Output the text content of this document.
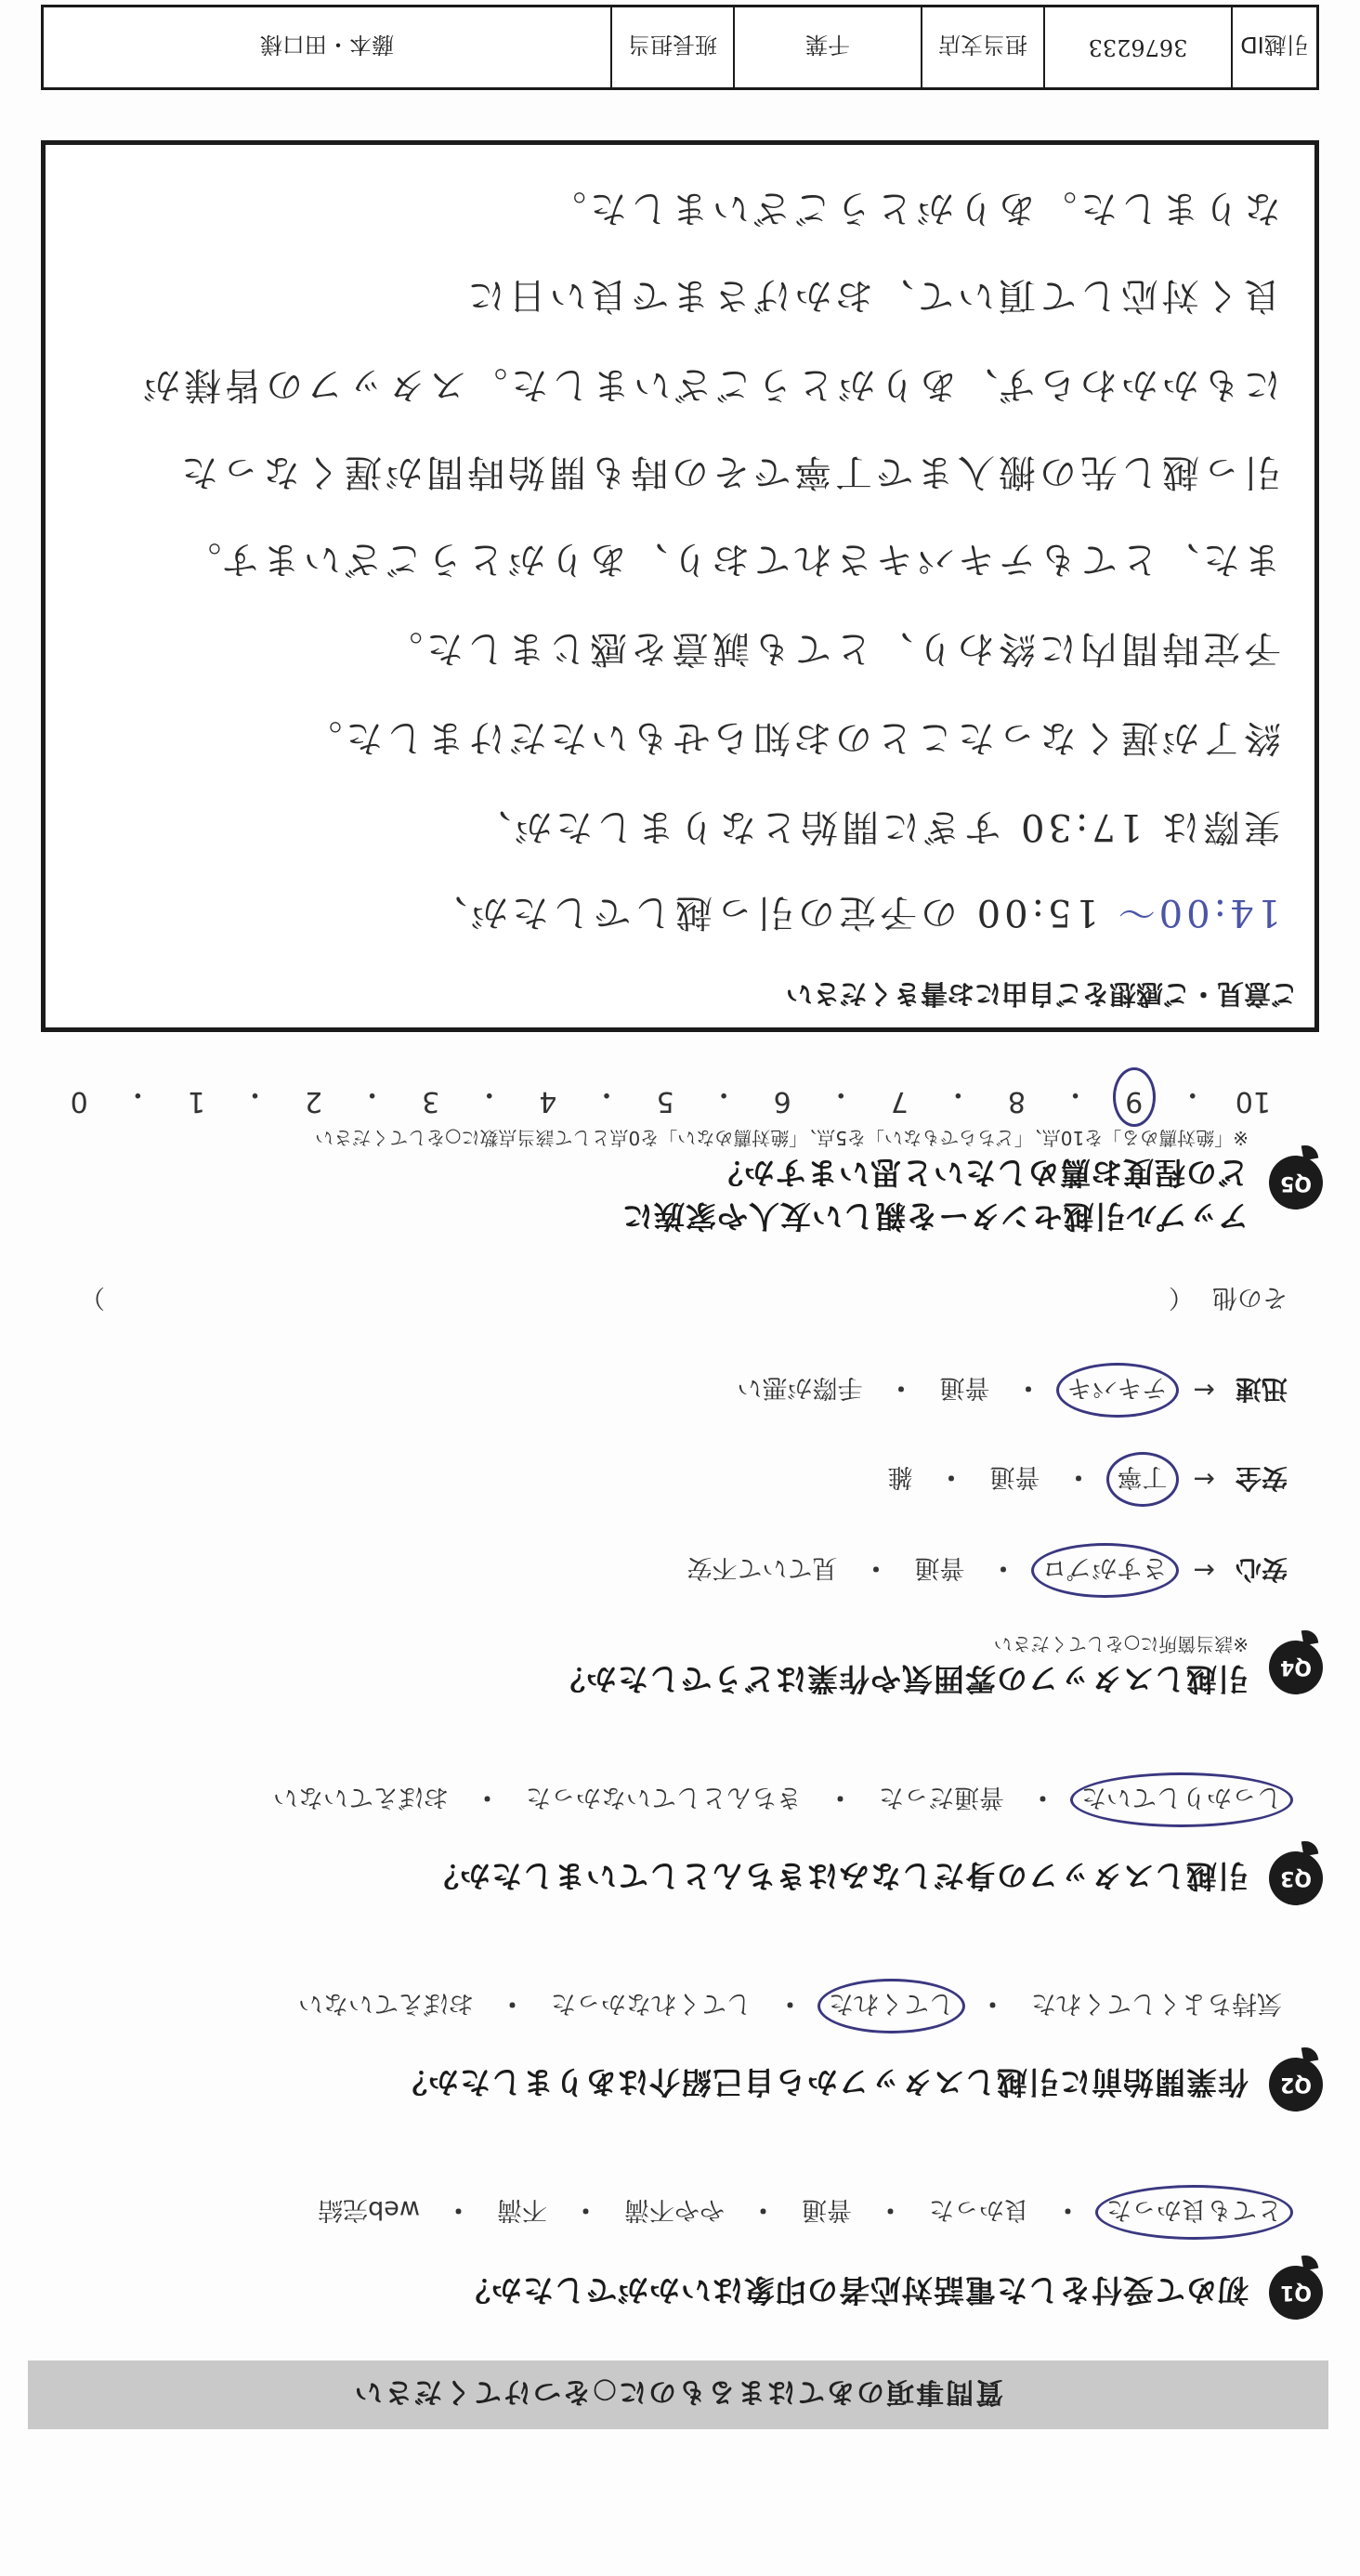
質問事項のあてはまるものに○をつけてください
Q1
初めて受付をした電話対応者の印象はいかがでしたか？
とても良かった
・
良かった
・
普通
・
やや不満
・
不満
・
web完結
Q2
作業開始前に引越しスタッフから自己紹介はありましたか？
気持ちよくしてくれた
・
してくれた
・
してくれなかった
・
おぼえていない
Q3
引越しスタッフの身だしなみはきちんとしていましたか？
しっかりしていた
・
普通だった
・
きちんとしていなかった
・
おぼえていない
Q4
引越しスタッフの雰囲気や作業はどうでしたか？
※該当箇所に○をしてください
安心
←
さすがプロ
・
普通
・
見ていて不安
安全
←
丁寧
・
普通
・
雑
迅速
←
テキパキ
・
普通
・
手際が悪い
その他
（
）
Q5
アップル引越センターを親しい友人や家族に
どの程度お薦めしたいと思いますか？
※「絶対薦める」を10点、「どちらでもない」を5点、「絶対薦めない」を0点として該当点数に○をしてください
10
・
9
・
8
・
7
・
6
・
5
・
4
・
3
・
2
・
1
・
0
ご意見・ご感想をご自由にお書きください
14:00〜 15:00 の予定の引っ越しでしたが、
実際は 17:30 すぎに開始となりましたが、
終了が遅くなったことのお知らせもいただけました。
予定時間内に終わり、とても誠意を感じました。
また、とてもテキパキされており、ありがとうございます。
引っ越し先の搬入まで丁寧でその時も開始時間が遅くなった
にもかかわらず、ありがとうございました。スタッフの皆様が
良く対応して頂いて、おかげさまで良い日に
なりました。ありがとうございました。
引越ID
3676233
担当支店
千葉
班長担当
藤本・田口様
